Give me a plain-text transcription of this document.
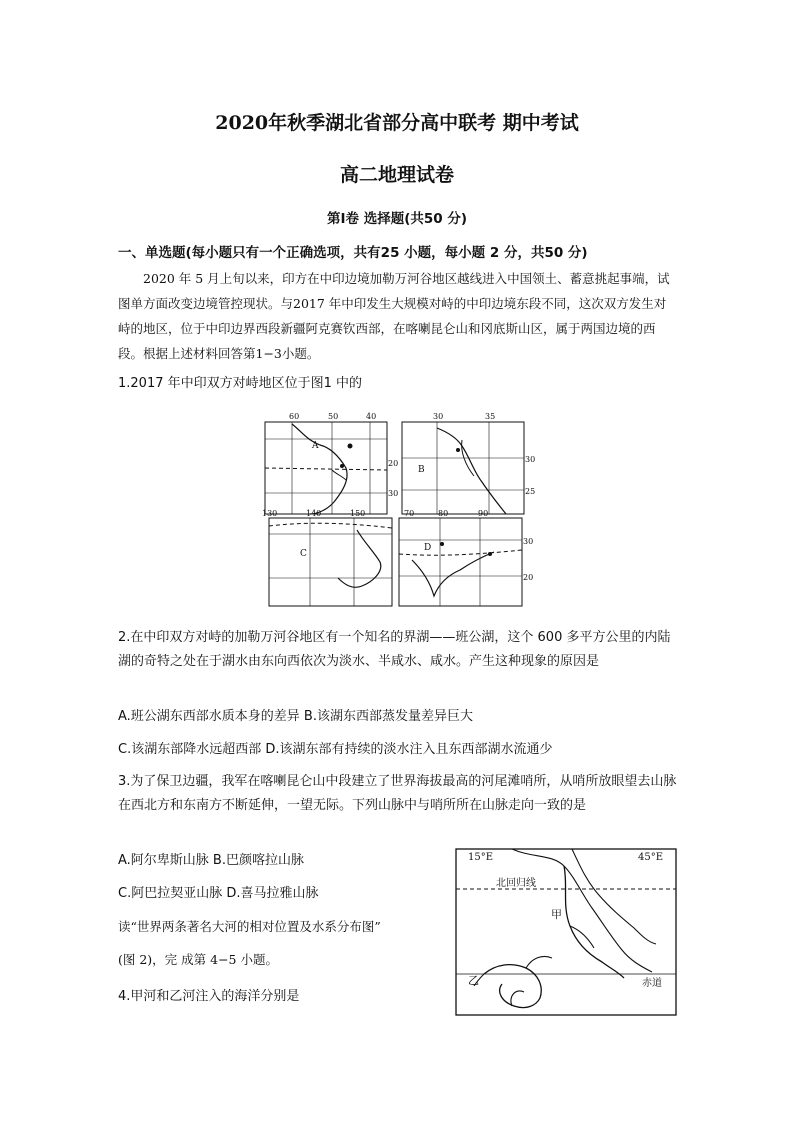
2020年秋季湖北省部分高中联考 期中考试
高二地理试卷
第Ⅰ卷 选择题(共50 分)
一、单选题(每小题只有一个正确选项，共有25 小题，每小题 2 分，共50 分)
2020 年 5 月上旬以来，印方在中印边境加勒万河谷地区越线进入中国领土、蓄意挑起事端，试图单方面改变边境管控现状。与2017 年中印发生大规模对峙的中印边境东段不同，这次双方发生对峙的地区，位于中印边界西段新疆阿克赛钦西部，在喀喇昆仑山和冈底斯山区，属于两国边境的西段。根据上述材料回答第1−3小题。
1.2017 年中印双方对峙地区位于图1 中的
60	50	40
20
30
A
30	35
30
25
B
130	140	150
C
70	80	90
30
20
D
2.在中印双方对峙的加勒万河谷地区有一个知名的界湖——班公湖，这个 600 多平方公里的内陆湖的奇特之处在于湖水由东向西依次为淡水、半咸水、咸水。产生这种现象的原因是
A.班公湖东西部水质本身的差异 B.该湖东西部蒸发量差异巨大
C.该湖东部降水远超西部 D.该湖东部有持续的淡水注入且东西部湖水流通少
3.为了保卫边疆，我军在喀喇昆仑山中段建立了世界海拔最高的河尾滩哨所，从哨所放眼望去山脉在西北方和东南方不断延伸，一望无际。下列山脉中与哨所所在山脉走向一致的是
A.阿尔卑斯山脉 B.巴颜喀拉山脉
C.阿巴拉契亚山脉 D.喜马拉雅山脉
读“世界两条著名大河的相对位置及水系分布图”
(图 2)，完 成第 4−5 小题。
4.甲河和乙河注入的海洋分别是
15°E	45°E
北回归线
赤道
甲
乙
